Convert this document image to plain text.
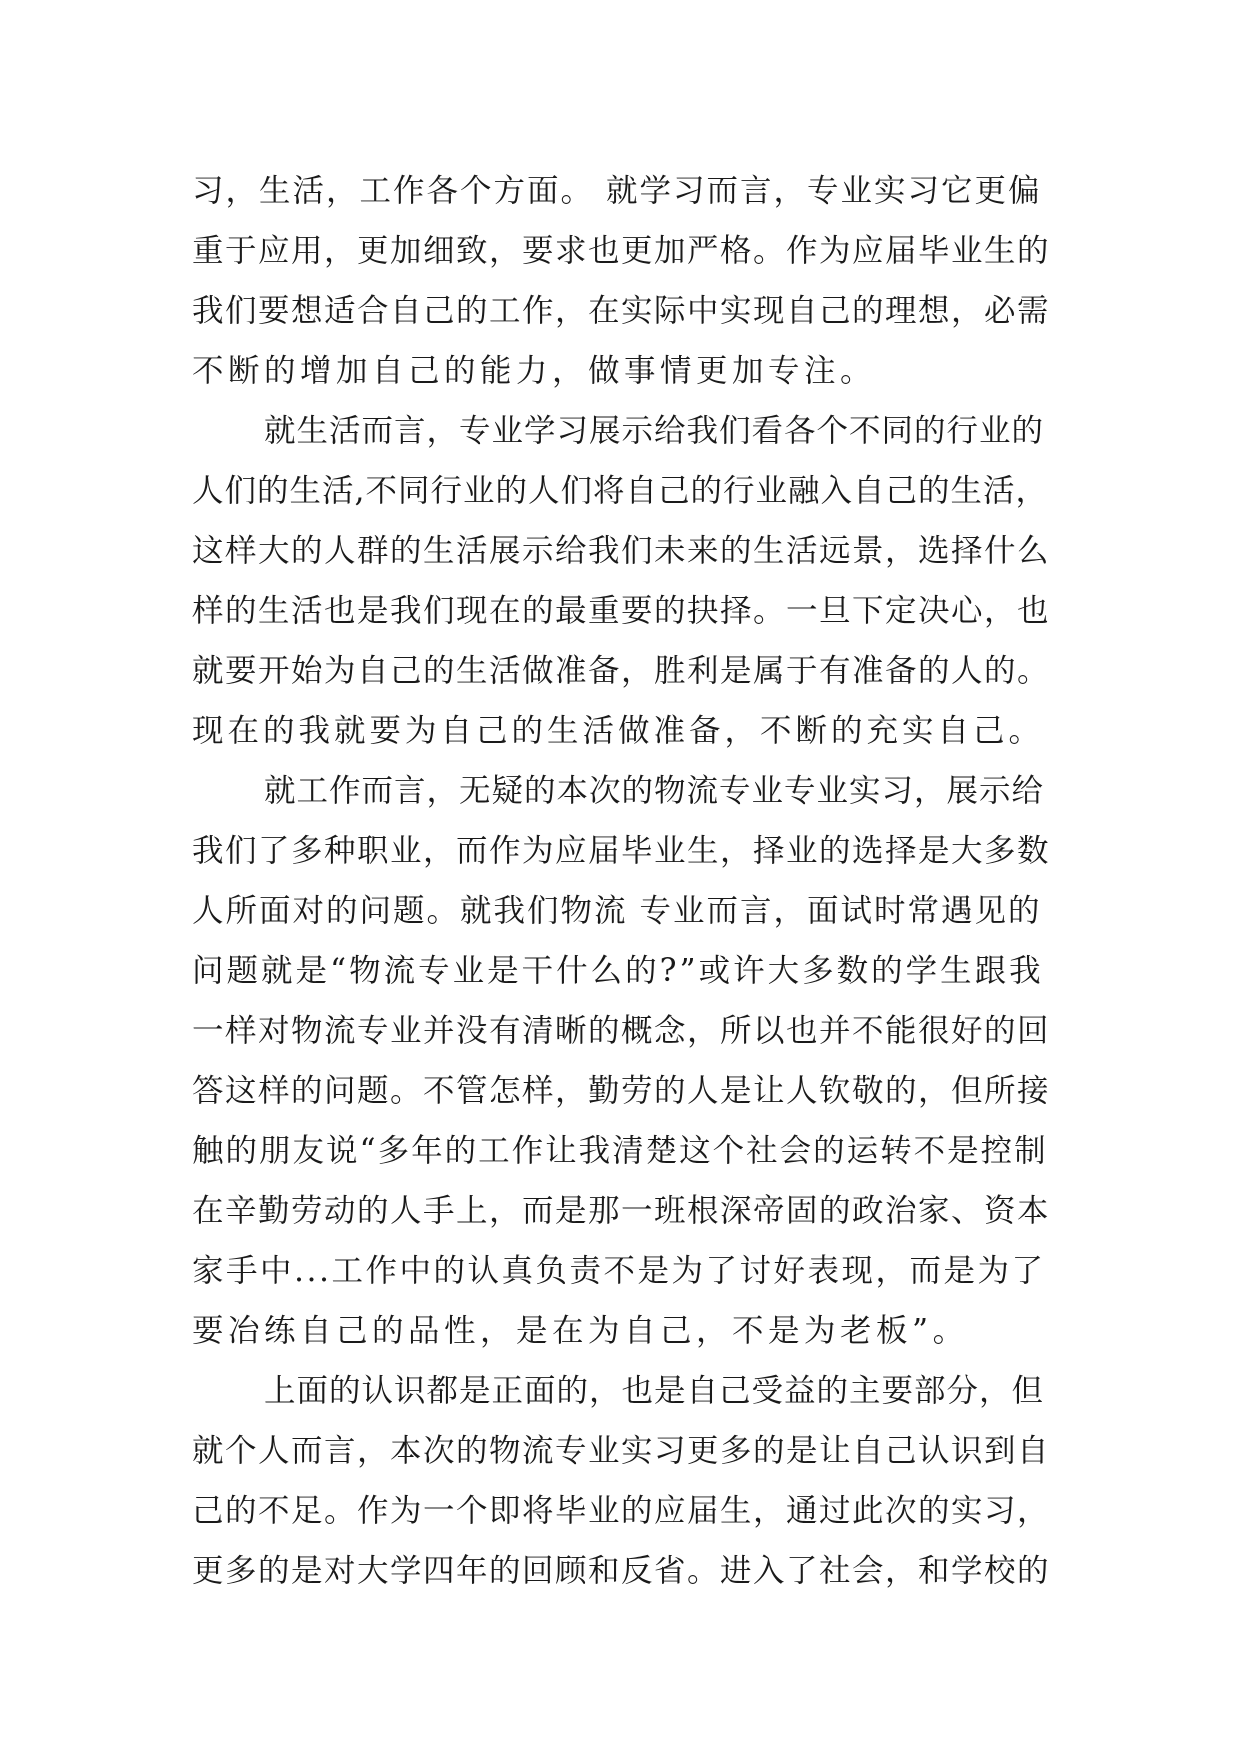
习，生活，工作各个方面。 就学习而言，专业实习它更偏
重于应用，更加细致，要求也更加严格。作为应届毕业生的
我们要想适合自己的工作，在实际中实现自己的理想，必需
不断的增加自己的能力，做事情更加专注。
就生活而言，专业学习展示给我们看各个不同的行业的
人们的生活,不同行业的人们将自己的行业融入自己的生活，
这样大的人群的生活展示给我们未来的生活远景，选择什么
样的生活也是我们现在的最重要的抉择。一旦下定决心，也
就要开始为自己的生活做准备，胜利是属于有准备的人的。
现在的我就要为自己的生活做准备，不断的充实自己。
就工作而言，无疑的本次的物流专业专业实习，展示给
我们了多种职业，而作为应届毕业生，择业的选择是大多数
人所面对的问题。就我们物流 专业而言，面试时常遇见的
问题就是“物流专业是干什么的?”或许大多数的学生跟我
一样对物流专业并没有清晰的概念，所以也并不能很好的回
答这样的问题。不管怎样，勤劳的人是让人钦敬的，但所接
触的朋友说“多年的工作让我清楚这个社会的运转不是控制
在辛勤劳动的人手上，而是那一班根深帝固的政治家、资本
家手中...工作中的认真负责不是为了讨好表现，而是为了
要冶练自己的品性，是在为自己，不是为老板”。
上面的认识都是正面的，也是自己受益的主要部分，但
就个人而言，本次的物流专业实习更多的是让自己认识到自
己的不足。作为一个即将毕业的应届生，通过此次的实习，
更多的是对大学四年的回顾和反省。进入了社会，和学校的
